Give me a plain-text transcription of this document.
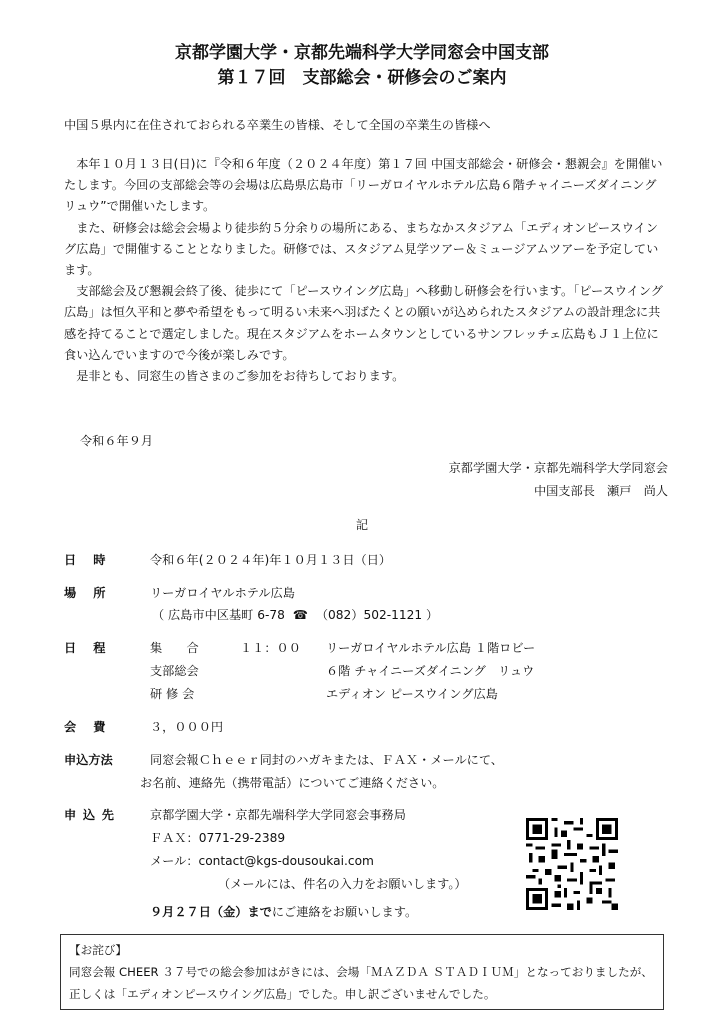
京都学園大学・京都先端科学大学同窓会中国支部
第１７回　支部総会・研修会のご案内
中国５県内に在住されておられる卒業生の皆様、そして全国の卒業生の皆様へ

本年１０月１３日(日)に『令和６年度（２０２４年度）第１７回 中国支部総会・研修会・懇親会』を開催いたします。今回の支部総会等の会場は広島県広島市「リーガロイヤルホテル広島６階チャイニーズダイニング　リュウ”で開催いたします。

また、研修会は総会会場より徒歩約５分余りの場所にある、まちなかスタジアム「エディオンピースウイング広島」で開催することとなりました。研修では、スタジアム見学ツアー＆ミュージアムツアーを予定しています。

支部総会及び懇親会終了後、徒歩にて「ピースウイング広島」へ移動し研修会を行います。「ピースウイング広島」は恒久平和と夢や希望をもって明るい未来へ羽ばたくとの願いが込められたスタジアムの設計理念に共感を持てることで選定しました。現在スタジアムをホームタウンとしているサンフレッチェ広島もＪ１上位に食い込んでいますので今後が楽しみです。

是非とも、同窓生の皆さまのご参加をお待ちしております。

令和６年９月
京都学園大学・京都先端科学大学同窓会
中国支部長　瀬戸　尚人
記
日　時	令和６年(２０２４年)年１０月１３日（日）
場　所	リーガロイヤルホテル広島
（ 広島市中区基町 6-78 ☎ （082）502-1121 ）
日　程	集　　合	１１：００ リーガロイヤルホテル広島 １階ロビー
支部総会	６階 チャイニーズダイニング　リュウ
研 修 会	エディオン ピースウイング広島
会　費	３，０００円
申込方法	同窓会報Ｃｈｅｅｒ同封のハガキまたは、ＦＡＸ・メールにて、
お名前、連絡先（携帯電話）についてご連絡ください。
申 込 先	京都学園大学・京都先端科学大学同窓会事務局
ＦＡＸ：0771-29-2389
メール：contact@kgs-dousoukai.com
（メールには、件名の入力をお願いします。）
９月２７日（金）までにご連絡をお願いします。
【お詫び】
同窓会報 CHEER ３７号での総会参加はがきには、会場「ＭＡＺＤＡ ＳＴＡＤＩＵＭ」となっておりましたが、正しくは「エディオンピースウイング広島」でした。申し訳ございませんでした。
